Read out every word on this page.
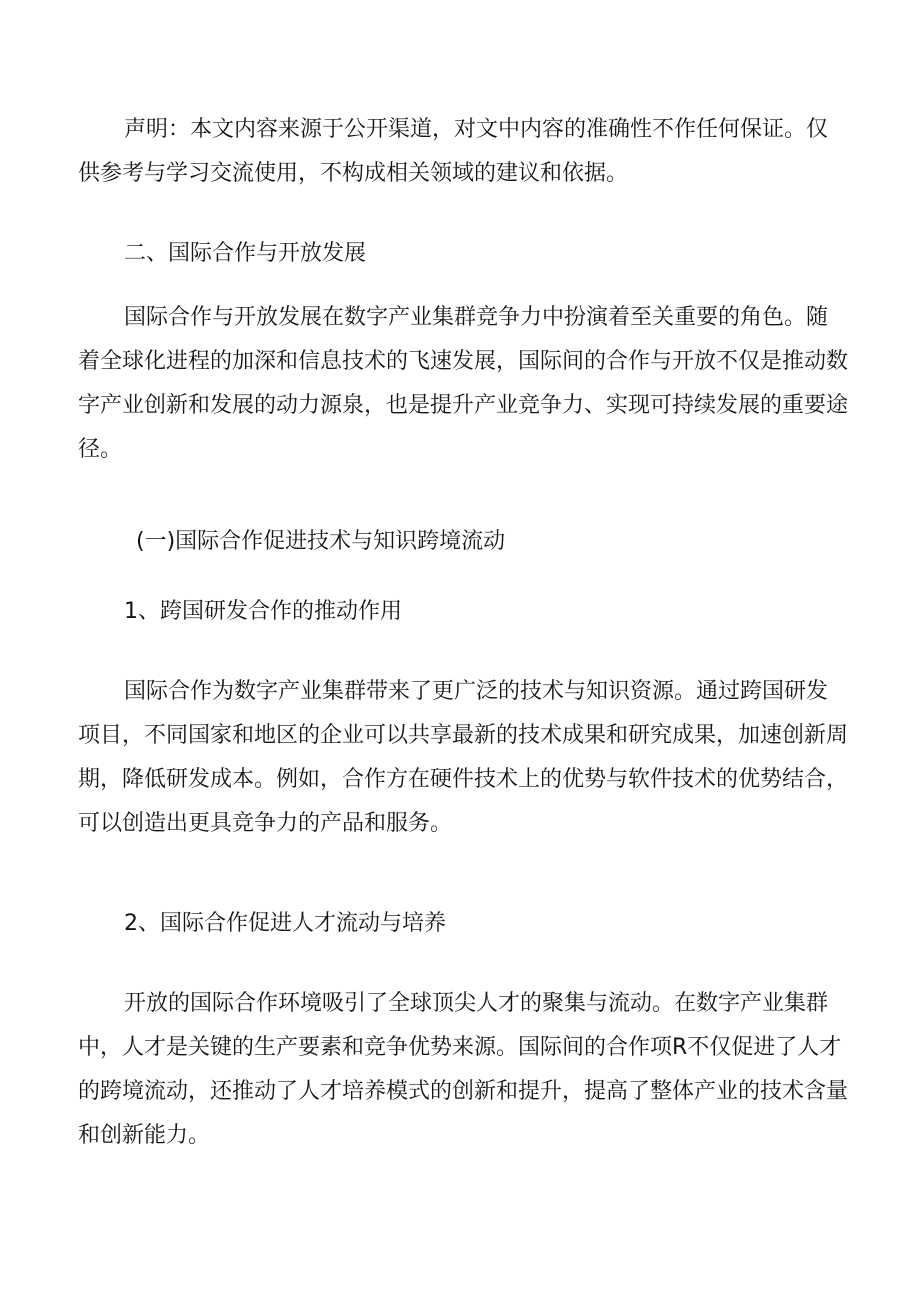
声明：本文内容来源于公开渠道，对文中内容的准确性不作任何保证。仅供参考与学习交流使用，不构成相关领域的建议和依据。

二、国际合作与开放发展

国际合作与开放发展在数字产业集群竞争力中扮演着至关重要的角色。随着全球化进程的加深和信息技术的飞速发展，国际间的合作与开放不仅是推动数字产业创新和发展的动力源泉，也是提升产业竞争力、实现可持续发展的重要途径。

(一)国际合作促进技术与知识跨境流动

1、跨国研发合作的推动作用

国际合作为数字产业集群带来了更广泛的技术与知识资源。通过跨国研发项目，不同国家和地区的企业可以共享最新的技术成果和研究成果，加速创新周期，降低研发成本。例如，合作方在硬件技术上的优势与软件技术的优势结合，可以创造出更具竞争力的产品和服务。

2、国际合作促进人才流动与培养

开放的国际合作环境吸引了全球顶尖人才的聚集与流动。在数字产业集群中，人才是关键的生产要素和竞争优势来源。国际间的合作项R不仅促进了人才的跨境流动，还推动了人才培养模式的创新和提升，提高了整体产业的技术含量和创新能力。
